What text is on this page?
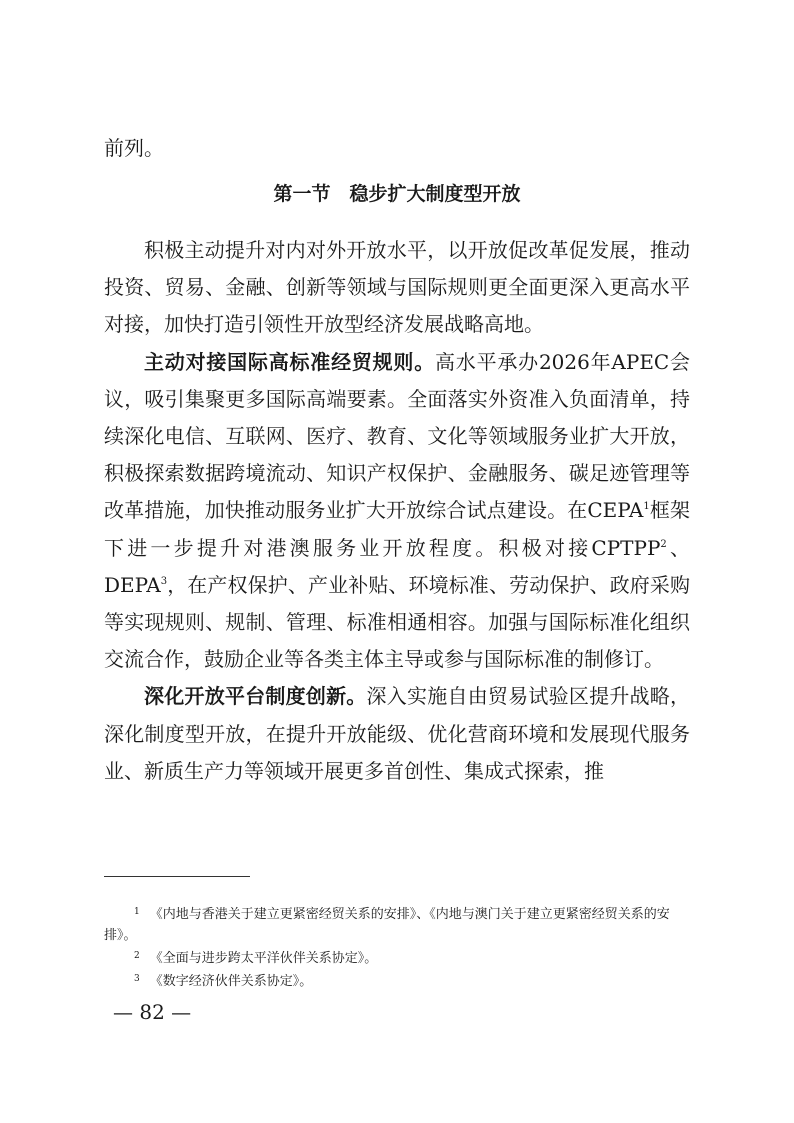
前列。

第一节　稳步扩大制度型开放

积极主动提升对内对外开放水平，以开放促改革促发展，推动投资、贸易、金融、创新等领域与国际规则更全面更深入更高水平对接，加快打造引领性开放型经济发展战略高地。

主动对接国际高标准经贸规则。高水平承办2026年APEC会议，吸引集聚更多国际高端要素。全面落实外资准入负面清单，持续深化电信、互联网、医疗、教育、文化等领域服务业扩大开放，积极探索数据跨境流动、知识产权保护、金融服务、碳足迹管理等改革措施，加快推动服务业扩大开放综合试点建设。在CEPA$^1$框架下进一步提升对港澳服务业开放程度。积极对接CPTPP$^2$、DEPA$^3$，在产权保护、产业补贴、环境标准、劳动保护、政府采购等实现规则、规制、管理、标准相通相容。加强与国际标准化组织交流合作，鼓励企业等各类主体主导或参与国际标准的制修订。

深化开放平台制度创新。深入实施自由贸易试验区提升战略，深化制度型开放，在提升开放能级、优化营商环境和发展现代服务业、新质生产力等领域开展更多首创性、集成式探索，推

$^1$ 《内地与香港关于建立更紧密经贸关系的安排》、《内地与澳门关于建立更紧密经贸关系的安排》。

$^2$ 《全面与进步跨太平洋伙伴关系协定》。

$^3$ 《数字经济伙伴关系协定》。

— 82 —
